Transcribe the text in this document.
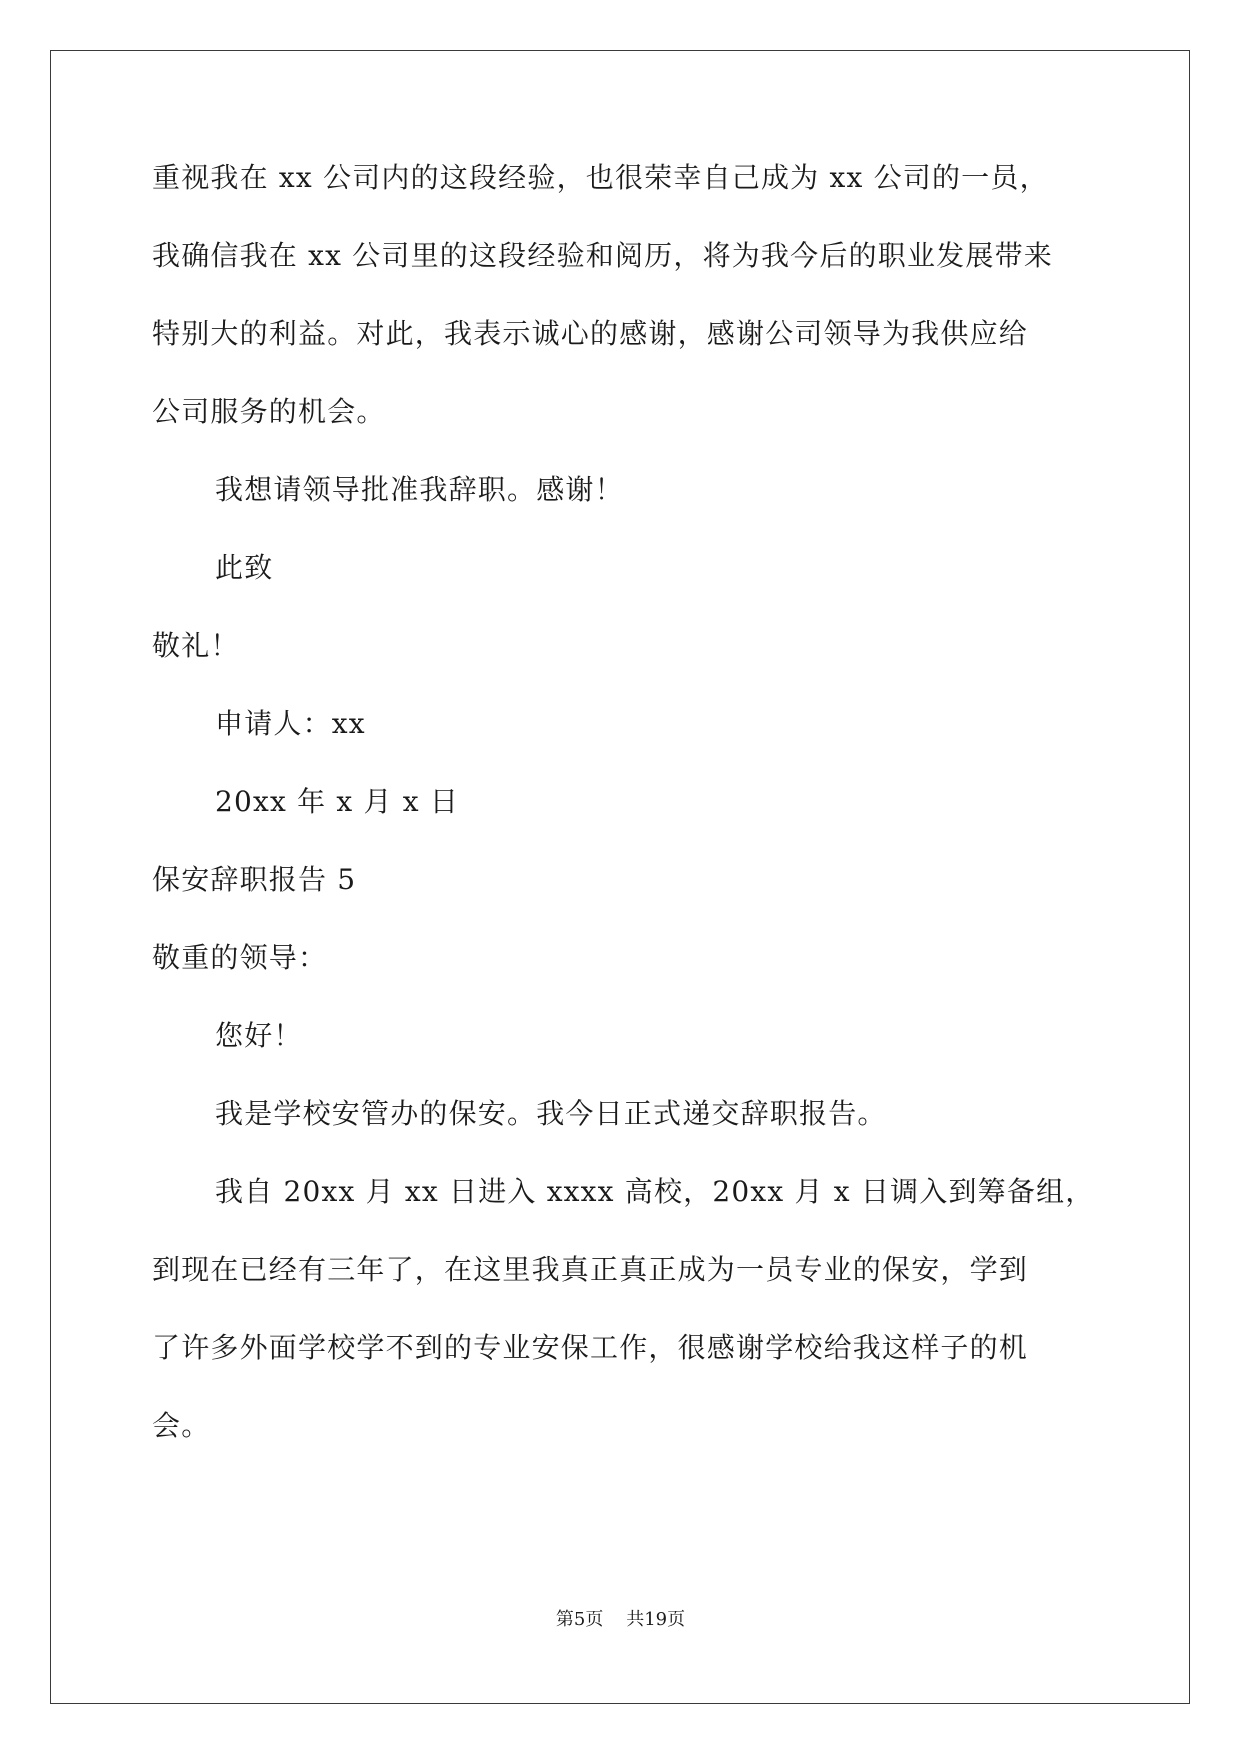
重视我在 xx 公司内的这段经验，也很荣幸自己成为 xx 公司的一员，
我确信我在 xx 公司里的这段经验和阅历，将为我今后的职业发展带来
特别大的利益。对此，我表示诚心的感谢，感谢公司领导为我供应给
公司服务的机会。
我想请领导批准我辞职。感谢！
此致
敬礼！
申请人：xx
20xx 年 x 月 x 日
保安辞职报告 5
敬重的领导：
您好！
我是学校安管办的保安。我今日正式递交辞职报告。
我自 20xx 月 xx 日进入 xxxx 高校，20xx 月 x 日调入到筹备组，
到现在已经有三年了，在这里我真正真正成为一员专业的保安，学到
了许多外面学校学不到的专业安保工作，很感谢学校给我这样子的机
会。
第5页 共19页
